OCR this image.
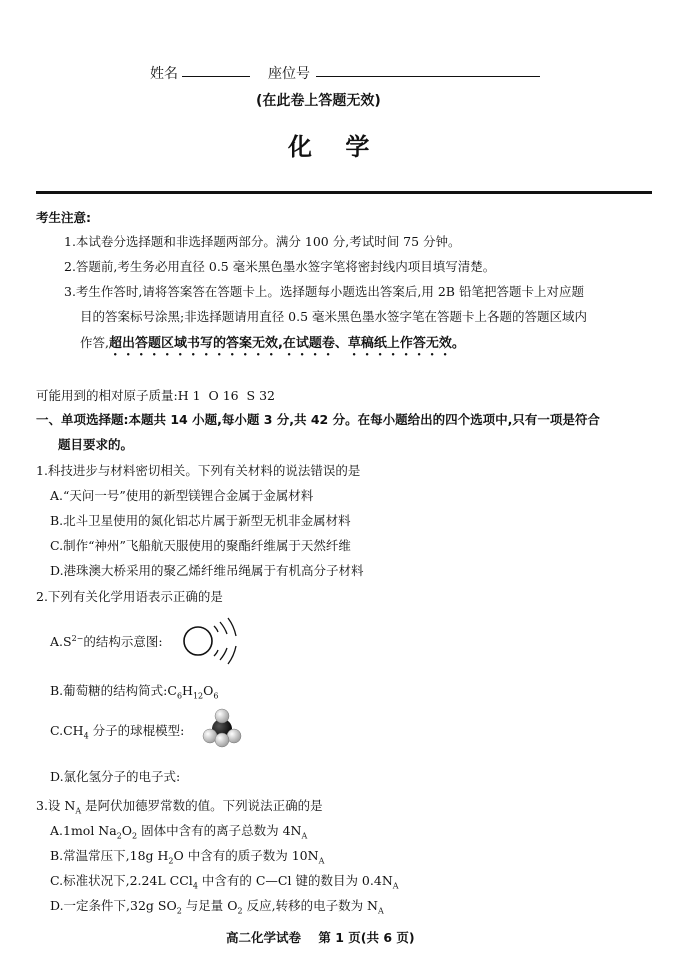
姓名	座位号
(在此卷上答题无效)
化    学
考生注意:
1.本试卷分选择题和非选择题两部分。满分 100 分,考试时间 75 分钟。
2.答题前,考生务必用直径 0.5 毫米黑色墨水签字笔将密封线内项目填写清楚。
3.考生作答时,请将答案答在答题卡上。选择题每小题选出答案后,用 2B 铅笔把答题卡上对应题
目的答案标号涂黑;非选择题请用直径 0.5 毫米黑色墨水签字笔在答题卡上各题的答题区域内
作答,超出答题区域书写的答案无效,在试题卷、草稿纸上作答无效。
可能用到的相对原子质量:H 1  O 16  S 32
一、单项选择题:本题共 14 小题,每小题 3 分,共 42 分。在每小题给出的四个选项中,只有一项是符合
题目要求的。
1.科技进步与材料密切相关。下列有关材料的说法错误的是
A.“天问一号”使用的新型镁锂合金属于金属材料
B.北斗卫星使用的氮化铝芯片属于新型无机非金属材料
C.制作“神州”飞船航天服使用的聚酯纤维属于天然纤维
D.港珠澳大桥采用的聚乙烯纤维吊绳属于有机高分子材料
2.下列有关化学用语表示正确的是
$A.S^{2-}$的结构示意图:
B.葡萄糖的结构简式$:C_6H_{12}O_6$
$C.CH_4$ 分子的球棍模型:
D.氯化氢分子的电子式:
3.设 $N_A$ 是阿伏加德罗常数的值。下列说法正确的是
A.1mol $Na_2O_2$ 固体中含有的离子总数为 $4N_A$
B.常温常压下,18g $H_2O$ 中含有的质子数为 $10N_A$
C.标准状况下,2.24L CCl$_4$ 中含有的 C—Cl 键的数目为 $0.4N_A$
D.一定条件下,32g $SO_2$ 与足量 $O_2$ 反应,转移的电子数为 $N_A$
高二化学试卷    第 1 页(共 6 页)
